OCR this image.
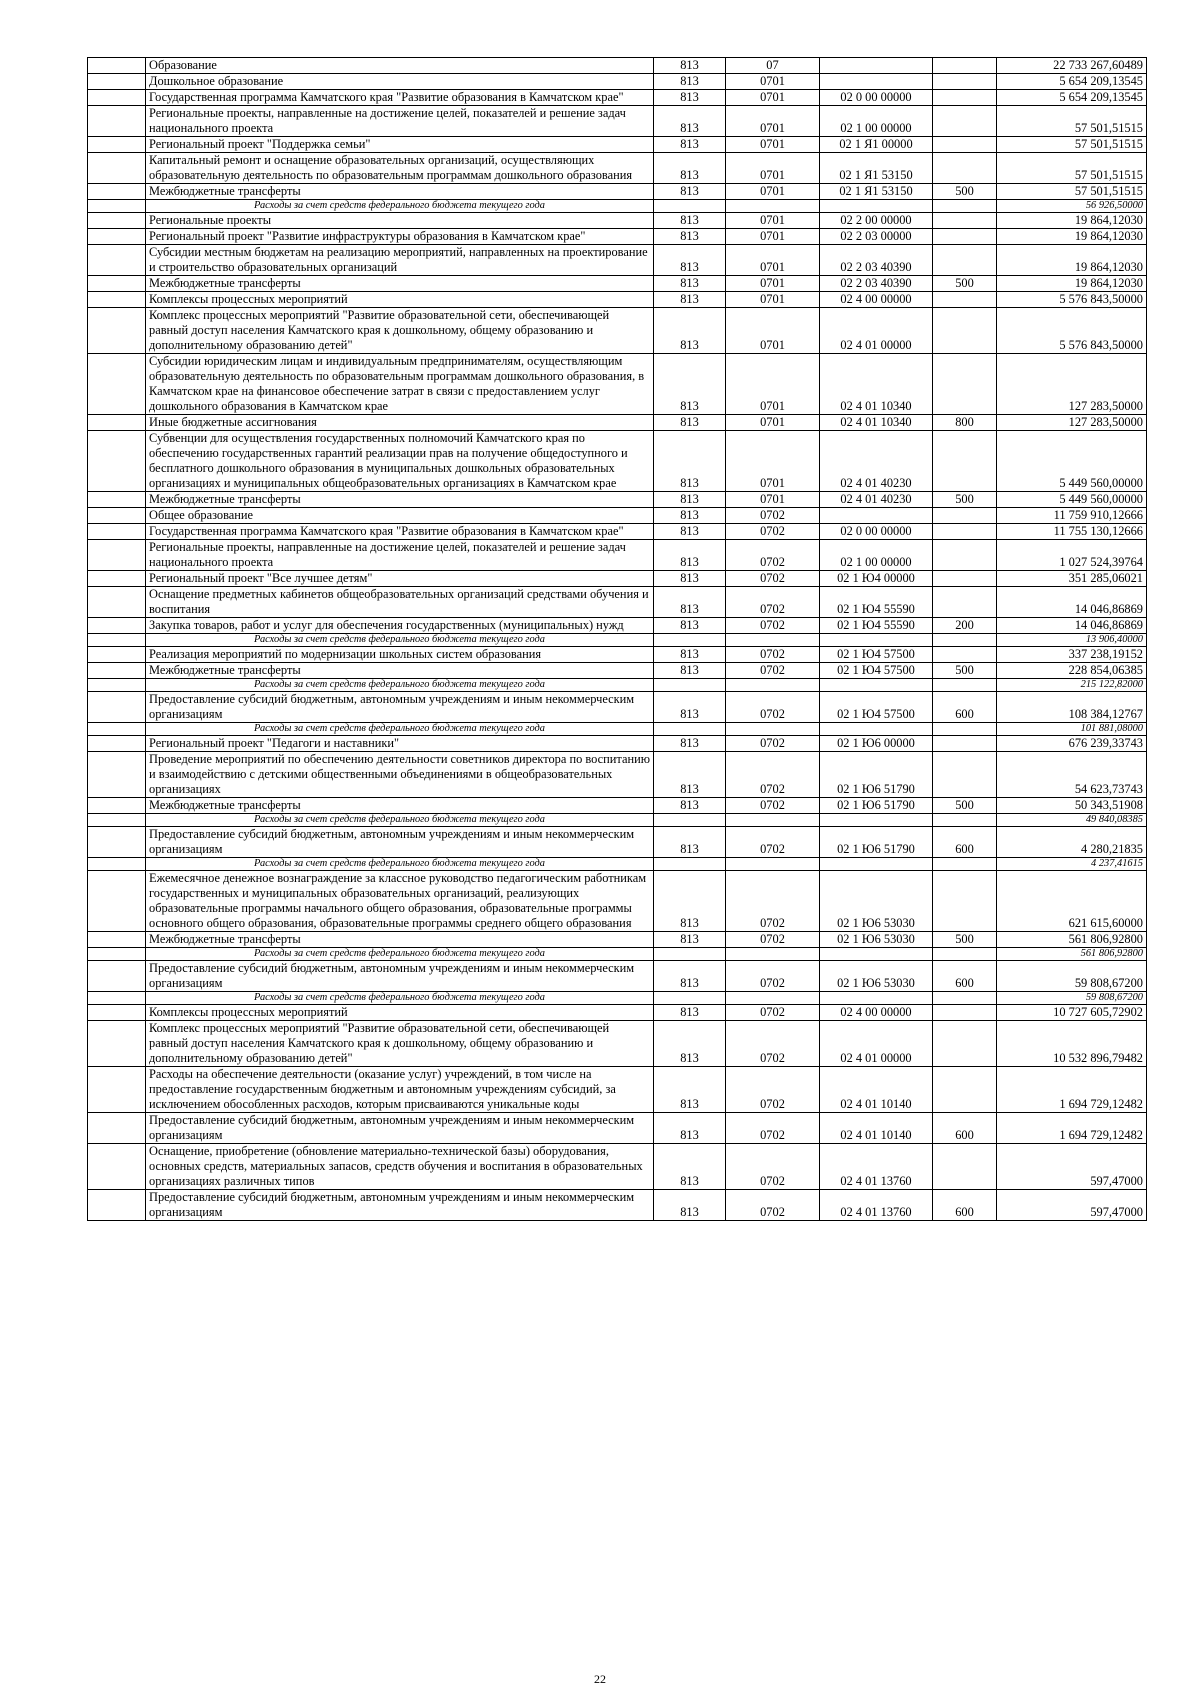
	Образование	813	07			22 733 267,60489
	Дошкольное образование	813	0701			5 654 209,13545
	Государственная программа Камчатского края "Развитие образования в Камчатском крае"	813	0701	02 0 00 00000		5 654 209,13545
	Региональные проекты, направленные на достижение целей, показателей и решение задач национального проекта	813	0701	02 1 00 00000		57 501,51515
	Региональный проект "Поддержка семьи"	813	0701	02 1 Я1 00000		57 501,51515
	Капитальный ремонт и оснащение образовательных организаций, осуществляющих образовательную деятельность по образовательным программам дошкольного образования	813	0701	02 1 Я1 53150		57 501,51515
	Межбюджетные трансферты	813	0701	02 1 Я1 53150	500	57 501,51515
	Расходы за счет средств федерального бюджета текущего года					56 926,50000
	Региональные проекты	813	0701	02 2 00 00000		19 864,12030
	Региональный проект "Развитие инфраструктуры образования в Камчатском крае"	813	0701	02 2 03 00000		19 864,12030
	Субсидии местным бюджетам на реализацию мероприятий, направленных на проектирование и строительство образовательных организаций	813	0701	02 2 03 40390		19 864,12030
	Межбюджетные трансферты	813	0701	02 2 03 40390	500	19 864,12030
	Комплексы процессных мероприятий	813	0701	02 4 00 00000		5 576 843,50000
	Комплекс процессных мероприятий "Развитие образовательной сети, обеспечивающей равный доступ населения Камчатского края к дошкольному, общему образованию и дополнительному образованию детей"	813	0701	02 4 01 00000		5 576 843,50000
	Субсидии юридическим лицам и индивидуальным предпринимателям, осуществляющим образовательную деятельность по образовательным программам дошкольного образования, в Камчатском крае на финансовое обеспечение затрат в связи с предоставлением услуг дошкольного образования в Камчатском крае	813	0701	02 4 01 10340		127 283,50000
	Иные бюджетные ассигнования	813	0701	02 4 01 10340	800	127 283,50000
	Субвенции для осуществления государственных полномочий Камчатского края по обеспечению государственных гарантий реализации прав на получение общедоступного и бесплатного дошкольного образования в муниципальных дошкольных образовательных организациях и муниципальных общеобразовательных организациях в Камчатском крае	813	0701	02 4 01 40230		5 449 560,00000
	Межбюджетные трансферты	813	0701	02 4 01 40230	500	5 449 560,00000
	Общее образование	813	0702			11 759 910,12666
	Государственная программа Камчатского края "Развитие образования в Камчатском крае"	813	0702	02 0 00 00000		11 755 130,12666
	Региональные проекты, направленные на достижение целей, показателей и решение задач национального проекта	813	0702	02 1 00 00000		1 027 524,39764
	Региональный проект "Все лучшее детям"	813	0702	02 1 Ю4 00000		351 285,06021
	Оснащение предметных кабинетов общеобразовательных организаций средствами обучения и воспитания	813	0702	02 1 Ю4 55590		14 046,86869
	Закупка товаров, работ и услуг для обеспечения государственных (муниципальных) нужд	813	0702	02 1 Ю4 55590	200	14 046,86869
	Расходы за счет средств федерального бюджета текущего года					13 906,40000
	Реализация мероприятий по модернизации школьных систем образования	813	0702	02 1 Ю4 57500		337 238,19152
	Межбюджетные трансферты	813	0702	02 1 Ю4 57500	500	228 854,06385
	Расходы за счет средств федерального бюджета текущего года					215 122,82000
	Предоставление субсидий бюджетным, автономным учреждениям и иным некоммерческим организациям	813	0702	02 1 Ю4 57500	600	108 384,12767
	Расходы за счет средств федерального бюджета текущего года					101 881,08000
	Региональный проект "Педагоги и наставники"	813	0702	02 1 Ю6 00000		676 239,33743
	Проведение мероприятий по обеспечению деятельности советников директора по воспитанию и взаимодействию с детскими общественными объединениями в общеобразовательных организациях	813	0702	02 1 Ю6 51790		54 623,73743
	Межбюджетные трансферты	813	0702	02 1 Ю6 51790	500	50 343,51908
	Расходы за счет средств федерального бюджета текущего года					49 840,08385
	Предоставление субсидий бюджетным, автономным учреждениям и иным некоммерческим организациям	813	0702	02 1 Ю6 51790	600	4 280,21835
	Расходы за счет средств федерального бюджета текущего года					4 237,41615
	Ежемесячное денежное вознаграждение за классное руководство педагогическим работникам государственных и муниципальных образовательных организаций, реализующих образовательные программы начального общего образования, образовательные программы основного общего образования, образовательные программы среднего общего образования	813	0702	02 1 Ю6 53030		621 615,60000
	Межбюджетные трансферты	813	0702	02 1 Ю6 53030	500	561 806,92800
	Расходы за счет средств федерального бюджета текущего года					561 806,92800
	Предоставление субсидий бюджетным, автономным учреждениям и иным некоммерческим организациям	813	0702	02 1 Ю6 53030	600	59 808,67200
	Расходы за счет средств федерального бюджета текущего года					59 808,67200
	Комплексы процессных мероприятий	813	0702	02 4 00 00000		10 727 605,72902
	Комплекс процессных мероприятий "Развитие образовательной сети, обеспечивающей равный доступ населения Камчатского края к дошкольному, общему образованию и дополнительному образованию детей"	813	0702	02 4 01 00000		10 532 896,79482
	Расходы на обеспечение деятельности (оказание услуг) учреждений, в том числе на предоставление государственным бюджетным и автономным учреждениям субсидий, за исключением обособленных расходов, которым присваиваются уникальные коды	813	0702	02 4 01 10140		1 694 729,12482
	Предоставление субсидий бюджетным, автономным учреждениям и иным некоммерческим организациям	813	0702	02 4 01 10140	600	1 694 729,12482
	Оснащение, приобретение (обновление материально-технической базы) оборудования, основных средств, материальных запасов, средств обучения и воспитания в образовательных организациях различных типов	813	0702	02 4 01 13760		597,47000
	Предоставление субсидий бюджетным, автономным учреждениям и иным некоммерческим организациям	813	0702	02 4 01 13760	600	597,47000
22
